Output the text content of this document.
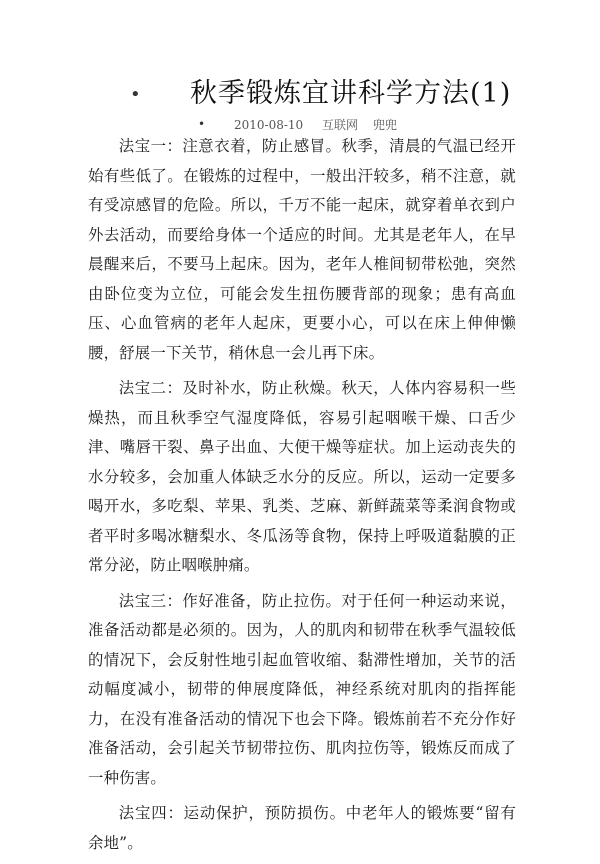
• 秋季锻炼宜讲科学方法(1)
• 2010-08-10 互联网 兜兜

法宝一：注意衣着，防止感冒。秋季，清晨的气温已经开始有些低了。在锻炼的过程中，一般出汗较多，稍不注意，就有受凉感冒的危险。所以，千万不能一起床，就穿着单衣到户外去活动，而要给身体一个适应的时间。尤其是老年人，在早晨醒来后，不要马上起床。因为，老年人椎间韧带松弛，突然由卧位变为立位，可能会发生扭伤腰背部的现象；患有高血压、心血管病的老年人起床，更要小心，可以在床上伸伸懒腰，舒展一下关节，稍休息一会儿再下床。

法宝二：及时补水，防止秋燥。秋天，人体内容易积一些燥热，而且秋季空气湿度降低，容易引起咽喉干燥、口舌少津、嘴唇干裂、鼻子出血、大便干燥等症状。加上运动丧失的水分较多，会加重人体缺乏水分的反应。所以，运动一定要多喝开水，多吃梨、苹果、乳类、芝麻、新鲜蔬菜等柔润食物或者平时多喝冰糖梨水、冬瓜汤等食物，保持上呼吸道黏膜的正常分泌，防止咽喉肿痛。

法宝三：作好准备，防止拉伤。对于任何一种运动来说，准备活动都是必须的。因为，人的肌肉和韧带在秋季气温较低的情况下，会反射性地引起血管收缩、黏滞性增加，关节的活动幅度减小，韧带的伸展度降低，神经系统对肌肉的指挥能力，在没有准备活动的情况下也会下降。锻炼前若不充分作好准备活动，会引起关节韧带拉伤、肌肉拉伤等，锻炼反而成了一种伤害。

法宝四：运动保护，预防损伤。中老年人的锻炼要“留有余地”。
